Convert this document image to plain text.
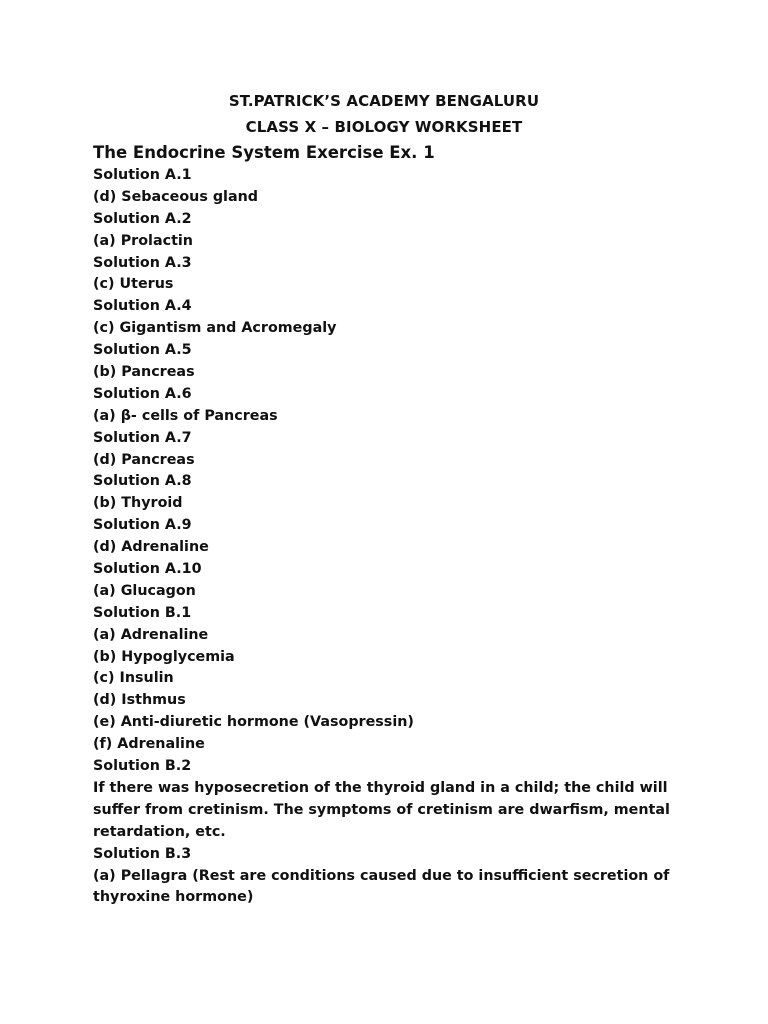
ST.PATRICK’S ACADEMY BENGALURU
CLASS X – BIOLOGY WORKSHEET
The Endocrine System Exercise Ex. 1
Solution A.1
(d) Sebaceous gland
Solution A.2
(a) Prolactin
Solution A.3
(c) Uterus
Solution A.4
(c) Gigantism and Acromegaly
Solution A.5
(b) Pancreas
Solution A.6
(a) β- cells of Pancreas
Solution A.7
(d) Pancreas
Solution A.8
(b) Thyroid
Solution A.9
(d) Adrenaline
Solution A.10
(a) Glucagon
Solution B.1
(a) Adrenaline
(b) Hypoglycemia
(c) Insulin
(d) Isthmus
(e) Anti-diuretic hormone (Vasopressin)
(f) Adrenaline
Solution B.2
If there was hyposecretion of the thyroid gland in a child; the child will suffer from cretinism. The symptoms of cretinism are dwarfism, mental retardation, etc.
Solution B.3
(a) Pellagra (Rest are conditions caused due to insufficient secretion of thyroxine hormone)
